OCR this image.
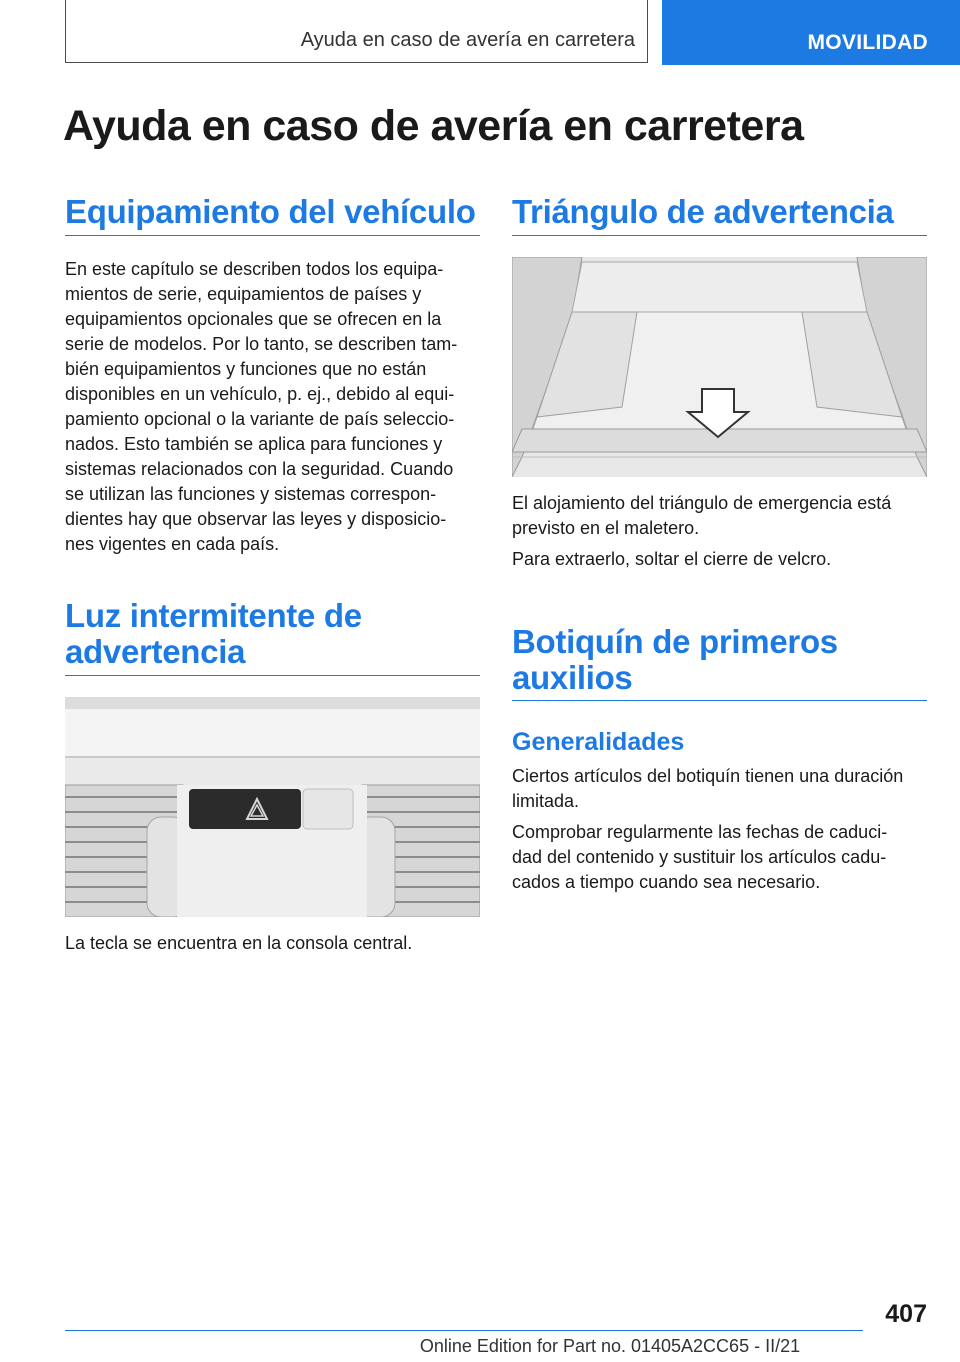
Ayuda en caso de avería en carretera	MOVILIDAD
Ayuda en caso de avería en carretera
Equipamiento del vehículo
En este capítulo se describen todos los equipa-
mientos de serie, equipamientos de países y
equipamientos opcionales que se ofrecen en la
serie de modelos. Por lo tanto, se describen tam-
bién equipamientos y funciones que no están
disponibles en un vehículo, p. ej., debido al equi-
pamiento opcional o la variante de país seleccio-
nados. Esto también se aplica para funciones y
sistemas relacionados con la seguridad. Cuando
se utilizan las funciones y sistemas correspon-
dientes hay que observar las leyes y disposicio-
nes vigentes en cada país.
Luz intermitente de
advertencia
La tecla se encuentra en la consola central.
Triángulo de advertencia
El alojamiento del triángulo de emergencia está
previsto en el maletero.
Para extraerlo, soltar el cierre de velcro.
Botiquín de primeros
auxilios
Generalidades
Ciertos artículos del botiquín tienen una duración
limitada.
Comprobar regularmente las fechas de caduci-
dad del contenido y sustituir los artículos cadu-
cados a tiempo cuando sea necesario.
407
Online Edition for Part no. 01405A2CC65 - II/21
